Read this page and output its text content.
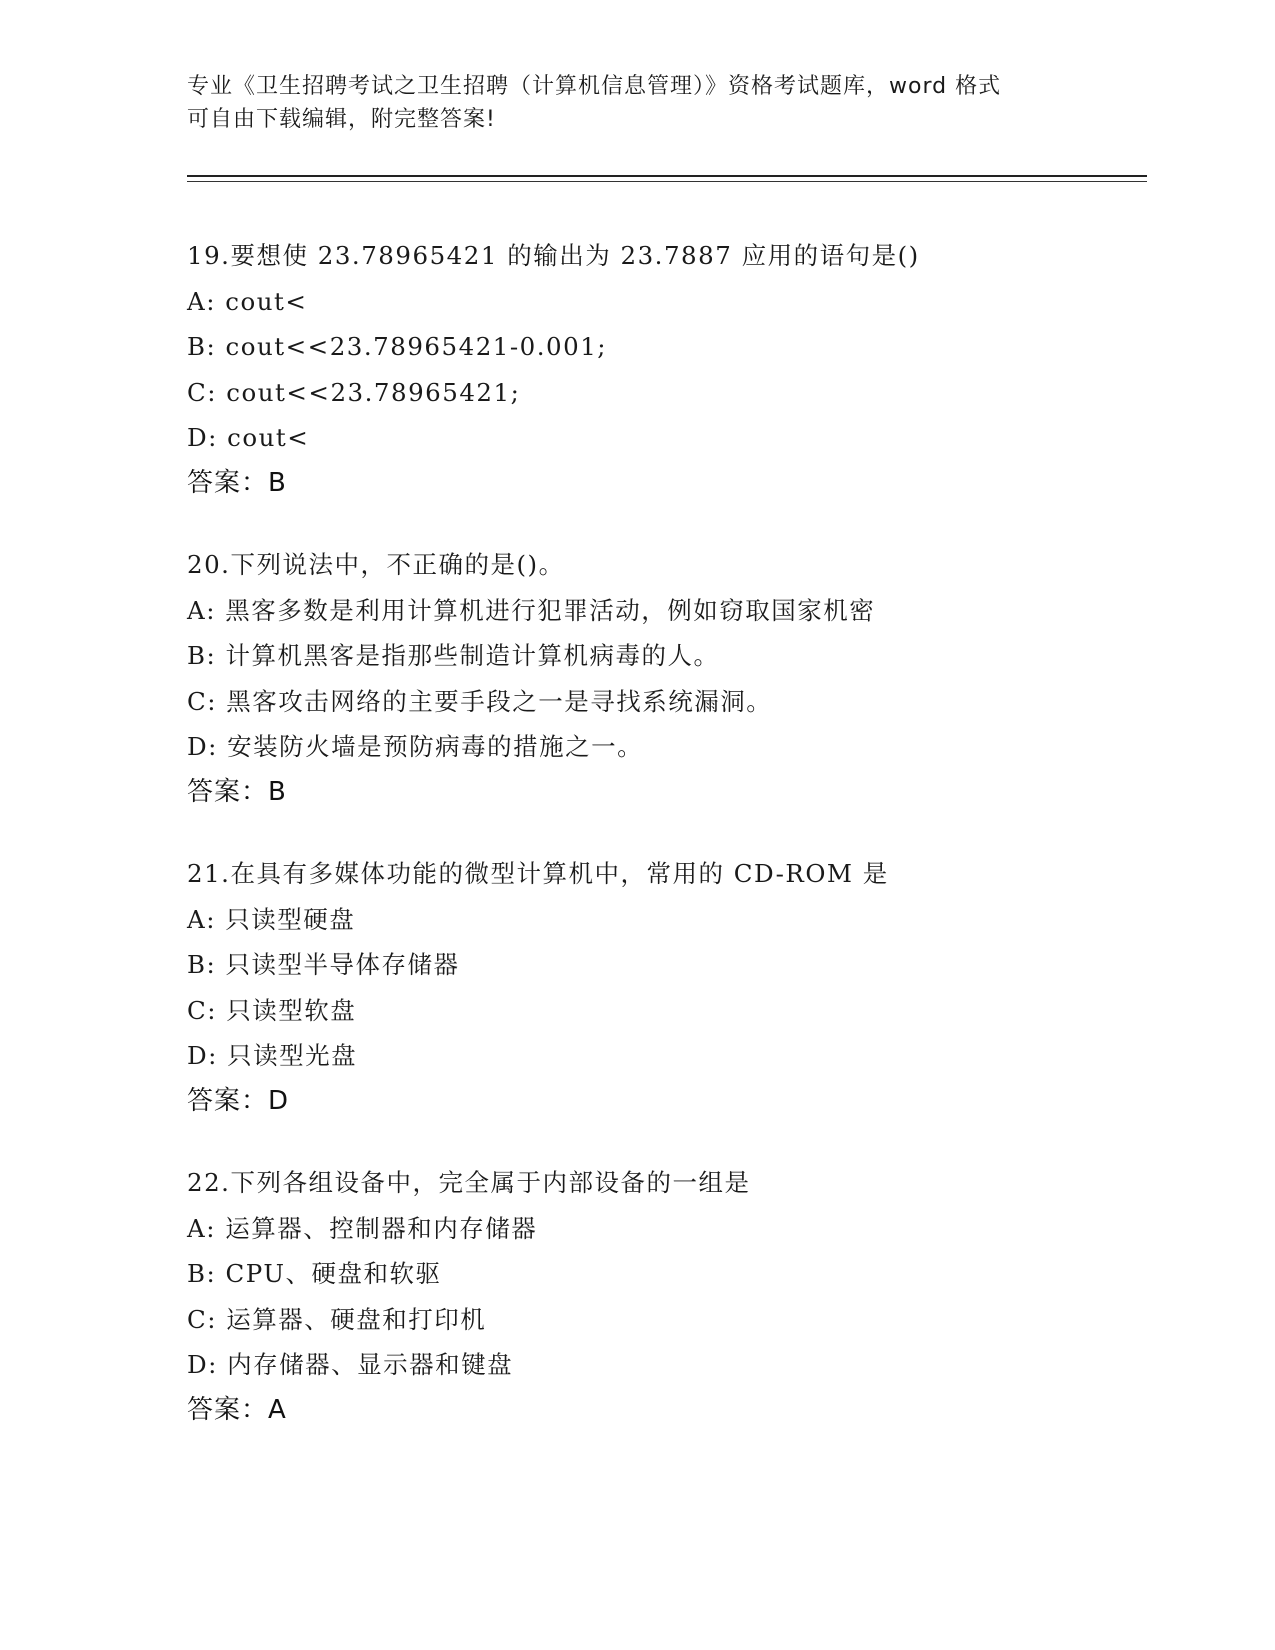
专业《卫生招聘考试之卫生招聘（计算机信息管理）》资格考试题库，word 格式
可自由下载编辑，附完整答案!
19.要想使 23.78965421 的输出为 23.7887 应用的语句是()
A: cout<
B: cout<<23.78965421-0.001;
C: cout<<23.78965421;
D: cout<
答案：B
20.下列说法中，不正确的是()。
A: 黑客多数是利用计算机进行犯罪活动，例如窃取国家机密
B: 计算机黑客是指那些制造计算机病毒的人。
C: 黑客攻击网络的主要手段之一是寻找系统漏洞。
D: 安装防火墙是预防病毒的措施之一。
答案：B
21.在具有多媒体功能的微型计算机中，常用的 CD-ROM 是
A: 只读型硬盘
B: 只读型半导体存储器
C: 只读型软盘
D: 只读型光盘
答案：D
22.下列各组设备中，完全属于内部设备的一组是
A: 运算器、控制器和内存储器
B: CPU、硬盘和软驱
C: 运算器、硬盘和打印机
D: 内存储器、显示器和键盘
答案：A
